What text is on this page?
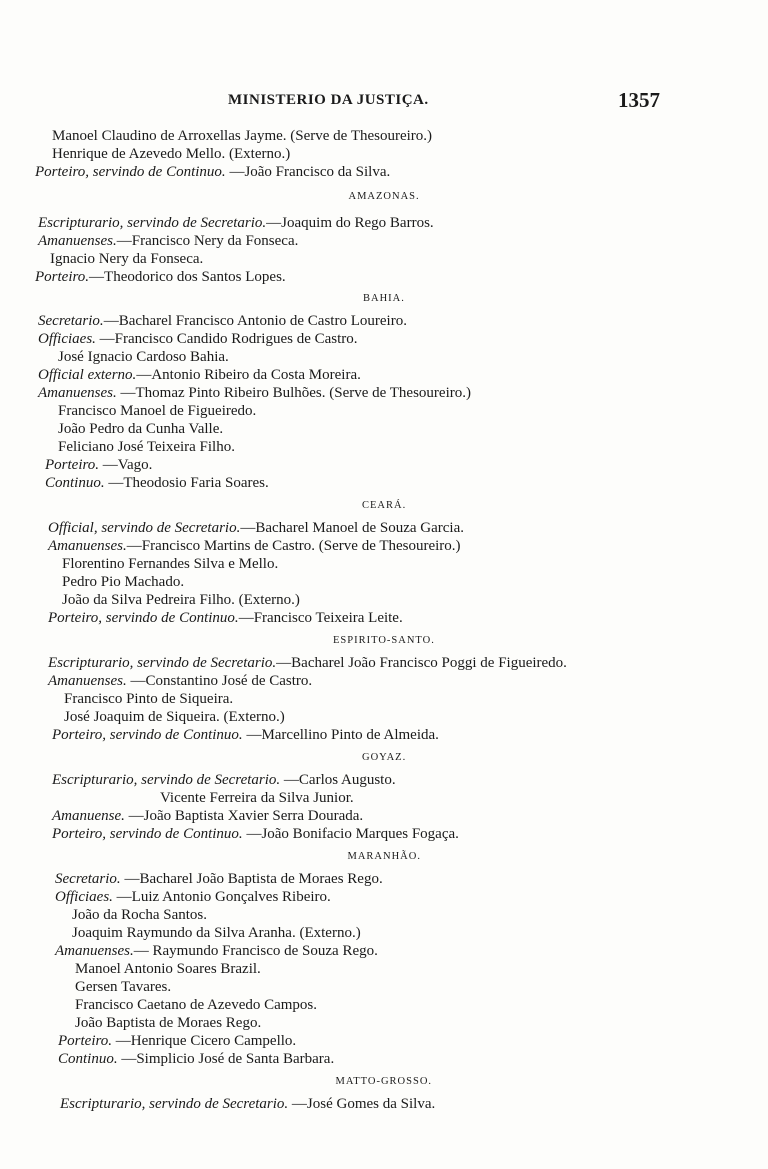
MINISTERIO DA JUSTIÇA.	1357
Manoel Claudino de Arroxellas Jayme. (Serve de Thesoureiro.)
Henrique de Azevedo Mello. (Externo.)
Porteiro, servindo de Continuo. —João Francisco da Silva.
AMAZONAS.
Escripturario, servindo de Secretario.—Joaquim do Rego Barros.
Amanuenses.—Francisco Nery da Fonseca.
Ignacio Nery da Fonseca.
Porteiro.—Theodorico dos Santos Lopes.
BAHIA.
Secretario.—Bacharel Francisco Antonio de Castro Loureiro.
Officiaes. —Francisco Candido Rodrigues de Castro.
José Ignacio Cardoso Bahia.
Official externo.—Antonio Ribeiro da Costa Moreira.
Amanuenses. —Thomaz Pinto Ribeiro Bulhões. (Serve de Thesoureiro.)
Francisco Manoel de Figueiredo.
João Pedro da Cunha Valle.
Feliciano José Teixeira Filho.
Porteiro. —Vago.
Continuo. —Theodosio Faria Soares.
CEARÁ.
Official, servindo de Secretario.—Bacharel Manoel de Souza Garcia.
Amanuenses.—Francisco Martins de Castro. (Serve de Thesoureiro.)
Florentino Fernandes Silva e Mello.
Pedro Pio Machado.
João da Silva Pedreira Filho. (Externo.)
Porteiro, servindo de Continuo.—Francisco Teixeira Leite.
ESPIRITO-SANTO.
Escripturario, servindo de Secretario.—Bacharel João Francisco Poggi de Figueiredo.
Amanuenses. —Constantino José de Castro.
Francisco Pinto de Siqueira.
José Joaquim de Siqueira. (Externo.)
Porteiro, servindo de Continuo. —Marcellino Pinto de Almeida.
GOYAZ.
Escripturario, servindo de Secretario. —Carlos Augusto.
Vicente Ferreira da Silva Junior.
Amanuense. —João Baptista Xavier Serra Dourada.
Porteiro, servindo de Continuo. —João Bonifacio Marques Fogaça.
MARANHÃO.
Secretario. —Bacharel João Baptista de Moraes Rego.
Officiaes. —Luiz Antonio Gonçalves Ribeiro.
João da Rocha Santos.
Joaquim Raymundo da Silva Aranha. (Externo.)
Amanuenses.— Raymundo Francisco de Souza Rego.
Manoel Antonio Soares Brazil.
Gersen Tavares.
Francisco Caetano de Azevedo Campos.
João Baptista de Moraes Rego.
Porteiro. —Henrique Cicero Campello.
Continuo. —Simplicio José de Santa Barbara.
MATTO-GROSSO.
Escripturario, servindo de Secretario. —José Gomes da Silva.
